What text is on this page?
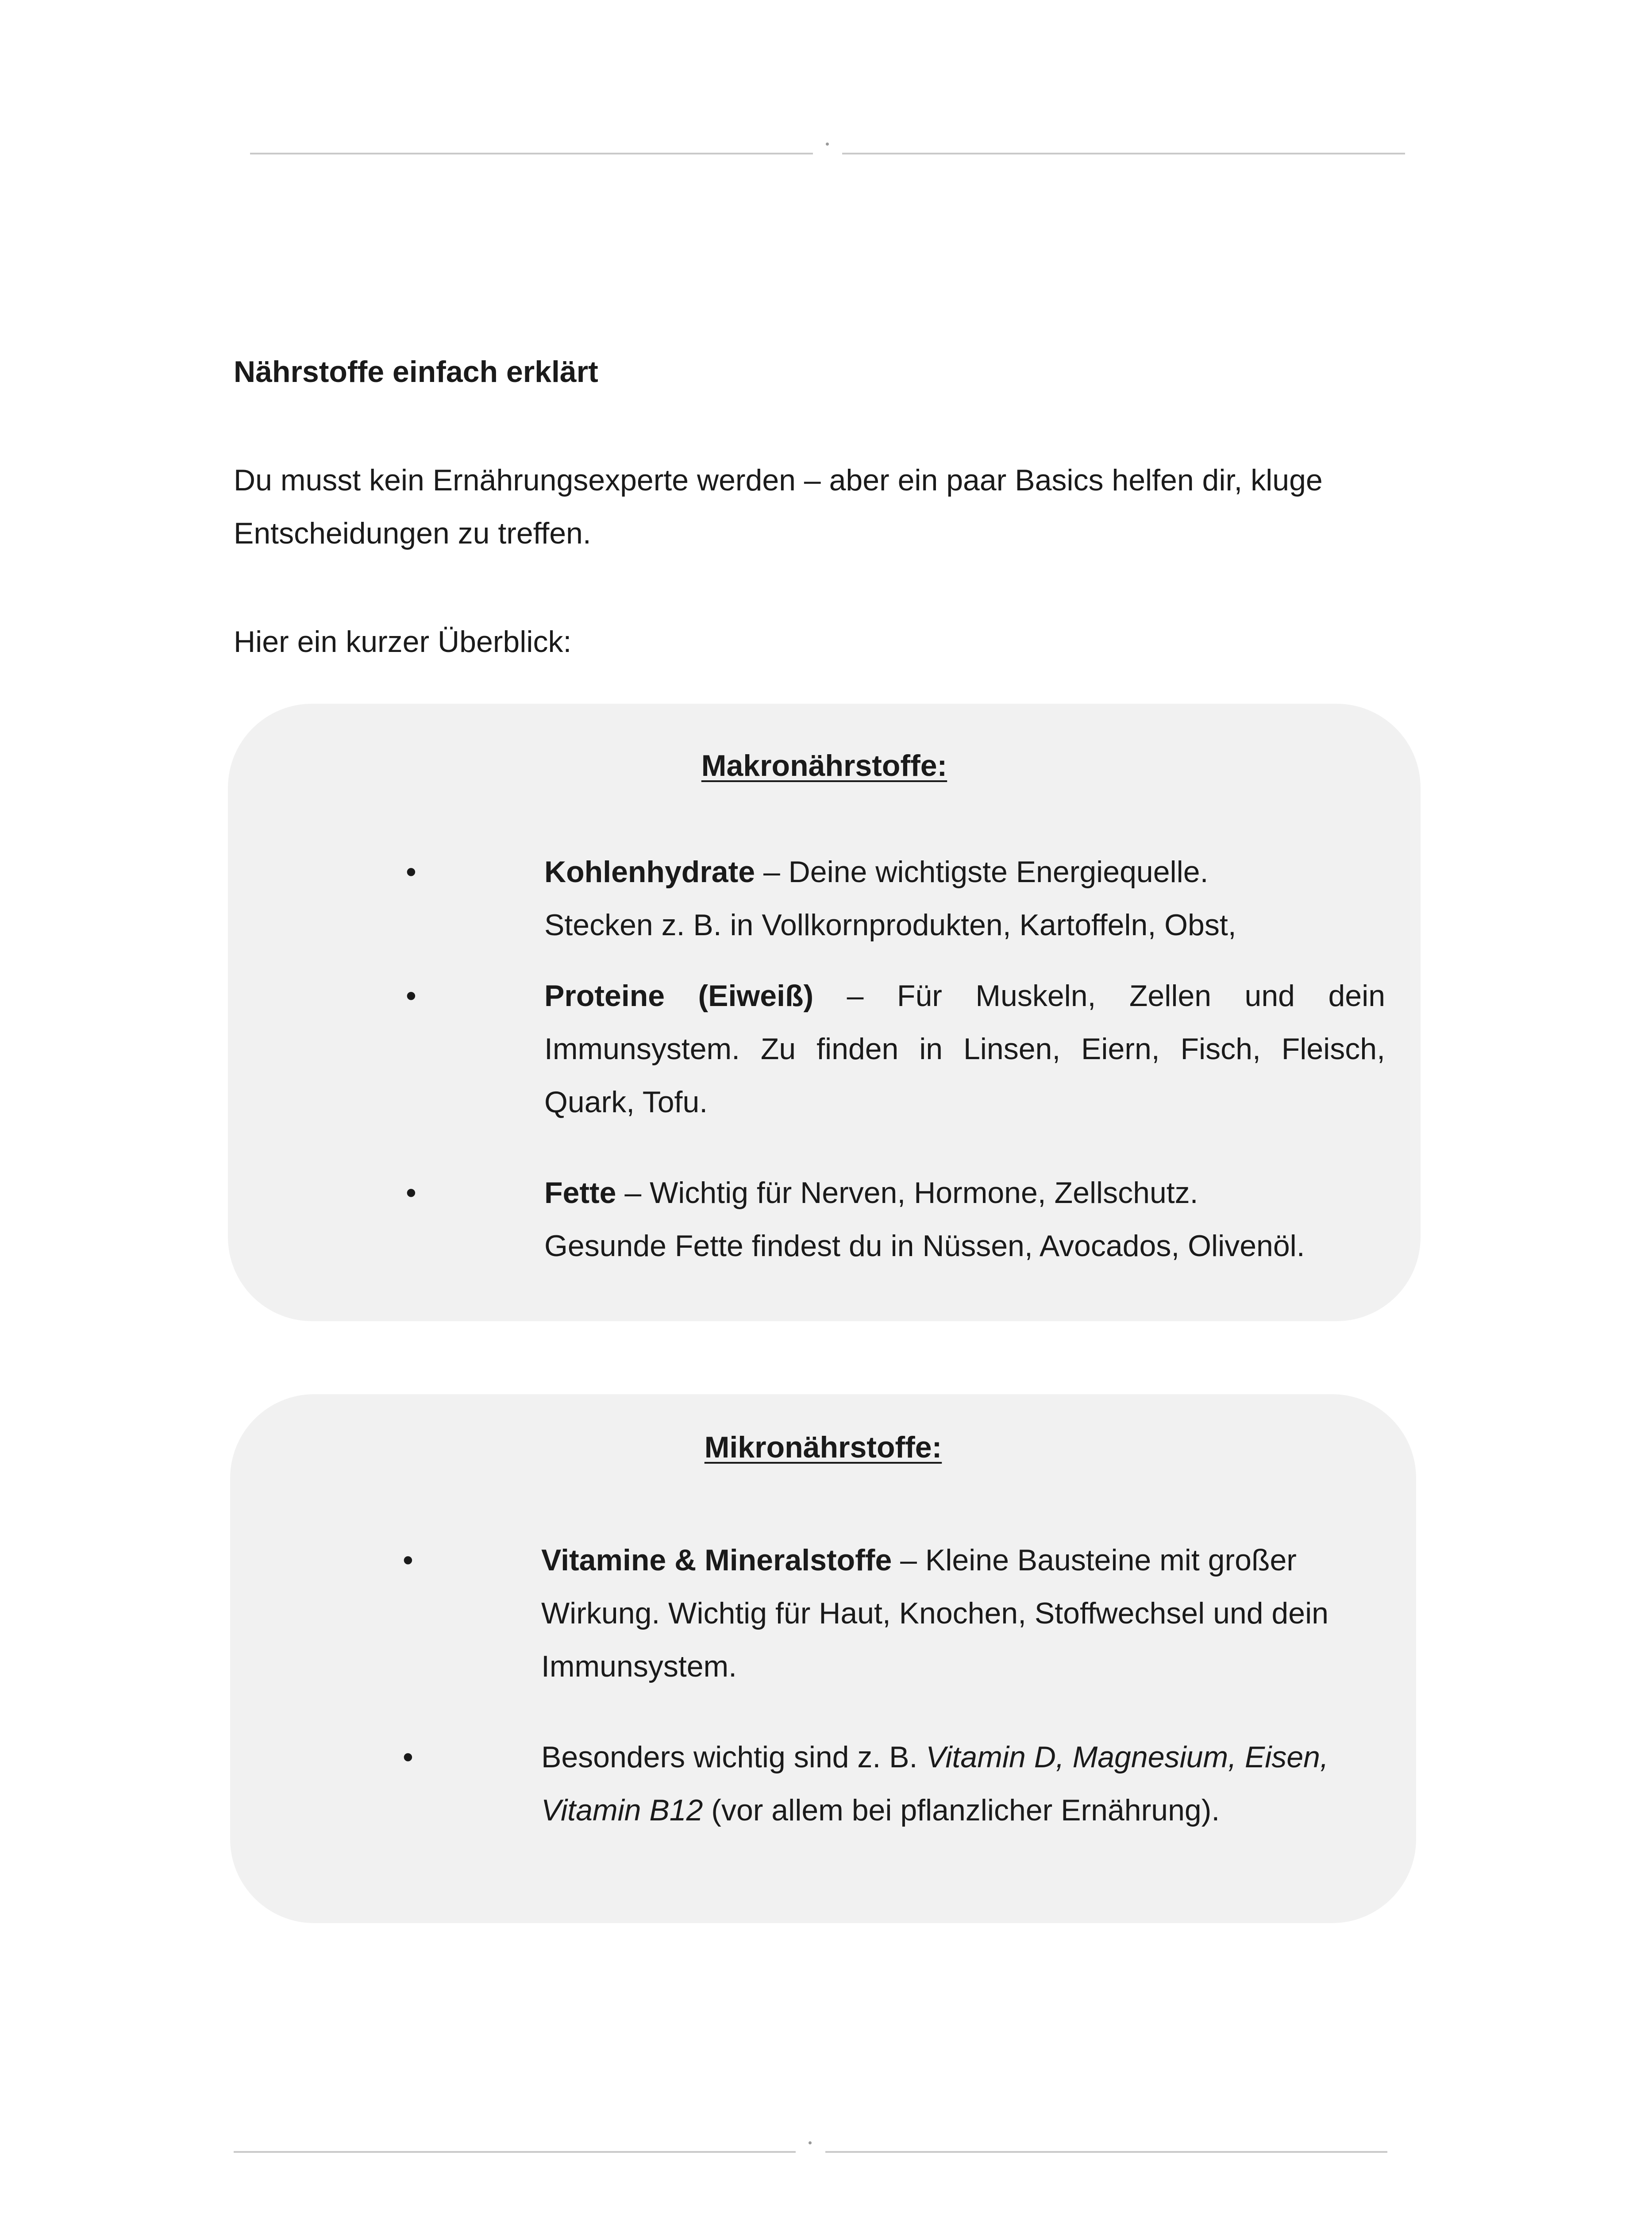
Nährstoffe einfach erklärt

Du musst kein Ernährungsexperte werden – aber ein paar Basics helfen dir, kluge Entscheidungen zu treffen.

Hier ein kurzer Überblick:

Makronährstoffe:
•	Kohlenhydrate – Deine wichtigste Energiequelle.
Stecken z. B. in Vollkornprodukten, Kartoffeln, Obst,
•	Proteine (Eiweiß) – Für Muskeln, Zellen und dein Immunsystem. Zu finden in Linsen, Eiern, Fisch, Fleisch, Quark, Tofu.
•	Fette – Wichtig für Nerven, Hormone, Zellschutz.
Gesunde Fette findest du in Nüssen, Avocados, Olivenöl.
Mikronährstoffe:
•	Vitamine & Mineralstoffe – Kleine Bausteine mit großer Wirkung. Wichtig für Haut, Knochen, Stoffwechsel und dein Immunsystem.
•	Besonders wichtig sind z. B. Vitamin D, Magnesium, Eisen, Vitamin B12 (vor allem bei pflanzlicher Ernährung).
